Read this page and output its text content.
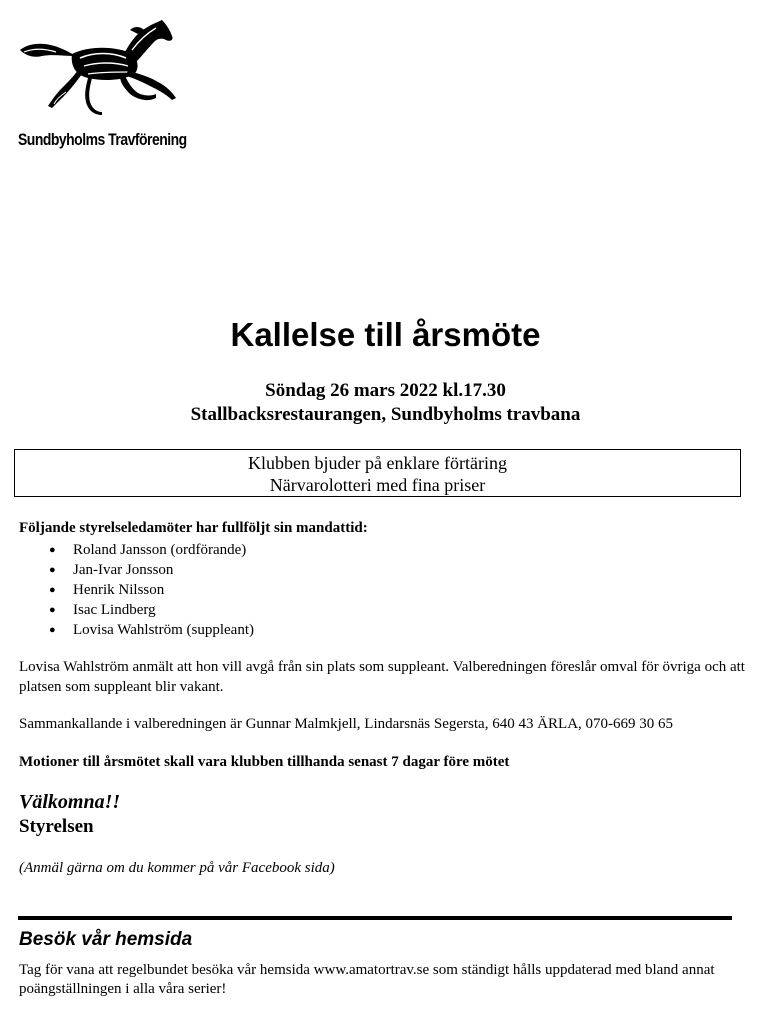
Sundbyholms Travförening
Kallelse till årsmöte
Söndag 26 mars 2022 kl.17.30
Stallbacksrestaurangen, Sundbyholms travbana
Klubben bjuder på enklare förtäring
Närvarolotteri med fina priser
Följande styrelseledamöter har fullföljt sin mandattid:
● Roland Jansson (ordförande)
● Jan-Ivar Jonsson
● Henrik Nilsson
● Isac Lindberg
● Lovisa Wahlström (suppleant)
Lovisa Wahlström anmält att hon vill avgå från sin plats som suppleant. Valberedningen föreslår omval för övriga och att platsen som suppleant blir vakant.
Sammankallande i valberedningen är Gunnar Malmkjell, Lindarsnäs Segersta, 640 43 ÄRLA, 070-669 30 65
Motioner till årsmötet skall vara klubben tillhanda senast 7 dagar före mötet
Välkomna!!
Styrelsen
(Anmäl gärna om du kommer på vår Facebook sida)
Besök vår hemsida
Tag för vana att regelbundet besöka vår hemsida www.amatortrav.se som ständigt hålls uppdaterad med bland annat poängställningen i alla våra serier!
